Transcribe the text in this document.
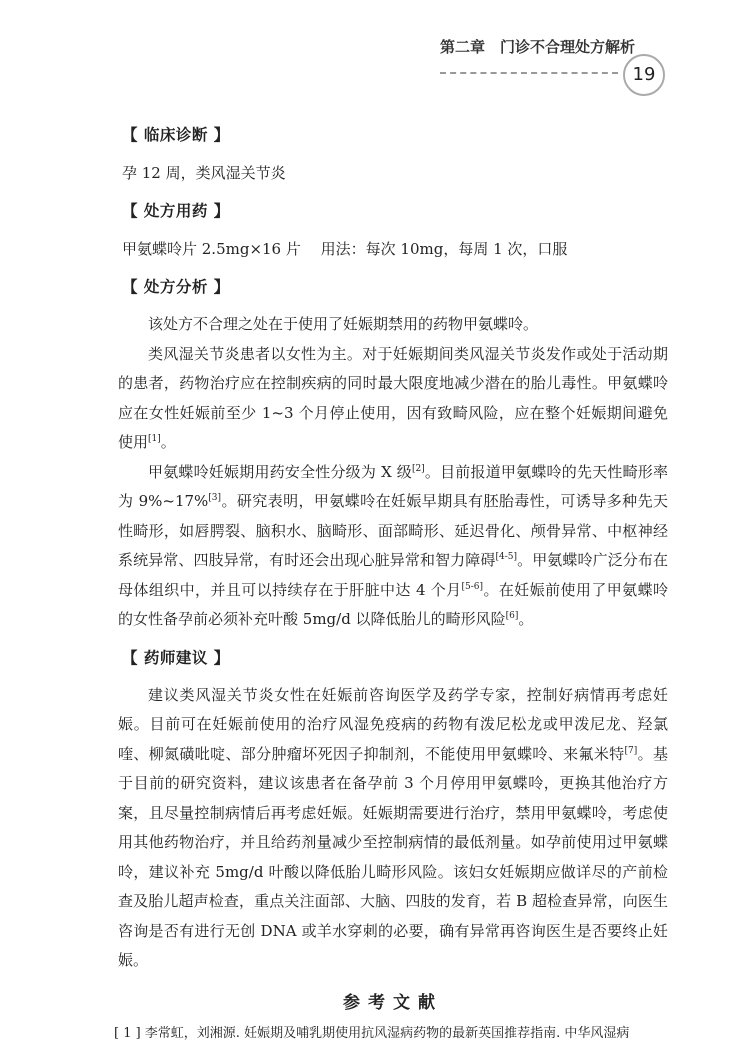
第二章　门诊不合理处方解析
19
【 临床诊断 】

孕 12 周，类风湿关节炎

【 处方用药 】

甲氨蝶呤片 2.5mg×16 片　 用法：每次 10mg，每周 1 次，口服

【 处方分析 】

该处方不合理之处在于使用了妊娠期禁用的药物甲氨蝶呤。

类风湿关节炎患者以女性为主。对于妊娠期间类风湿关节炎发作或处于活动期的患者，药物治疗应在控制疾病的同时最大限度地减少潜在的胎儿毒性。甲氨蝶呤应在女性妊娠前至少 1~3 个月停止使用，因有致畸风险，应在整个妊娠期间避免使用[1]。

甲氨蝶呤妊娠期用药安全性分级为 X 级[2]。目前报道甲氨蝶呤的先天性畸形率为 9%~17%[3]。研究表明，甲氨蝶呤在妊娠早期具有胚胎毒性，可诱导多种先天性畸形，如唇腭裂、脑积水、脑畸形、面部畸形、延迟骨化、颅骨异常、中枢神经系统异常、四肢异常，有时还会出现心脏异常和智力障碍[4-5]。甲氨蝶呤广泛分布在母体组织中，并且可以持续存在于肝脏中达 4 个月[5-6]。在妊娠前使用了甲氨蝶呤的女性备孕前必须补充叶酸 5mg/d 以降低胎儿的畸形风险[6]。

【 药师建议 】

建议类风湿关节炎女性在妊娠前咨询医学及药学专家，控制好病情再考虑妊娠。目前可在妊娠前使用的治疗风湿免疫病的药物有泼尼松龙或甲泼尼龙、羟氯喹、柳氮磺吡啶、部分肿瘤坏死因子抑制剂，不能使用甲氨蝶呤、来氟米特[7]。基于目前的研究资料，建议该患者在备孕前 3 个月停用甲氨蝶呤，更换其他治疗方案，且尽量控制病情后再考虑妊娠。妊娠期需要进行治疗，禁用甲氨蝶呤，考虑使用其他药物治疗，并且给药剂量减少至控制病情的最低剂量。如孕前使用过甲氨蝶呤，建议补充 5mg/d 叶酸以降低胎儿畸形风险。该妇女妊娠期应做详尽的产前检查及胎儿超声检查，重点关注面部、大脑、四肢的发育，若 B 超检查异常，向医生咨询是否有进行无创 DNA 或羊水穿刺的必要，确有异常再咨询医生是否要终止妊娠。

参考文献
[ 1 ] 李常虹，刘湘源. 妊娠期及哺乳期使用抗风湿病药物的最新英国推荐指南. 中华风湿病
